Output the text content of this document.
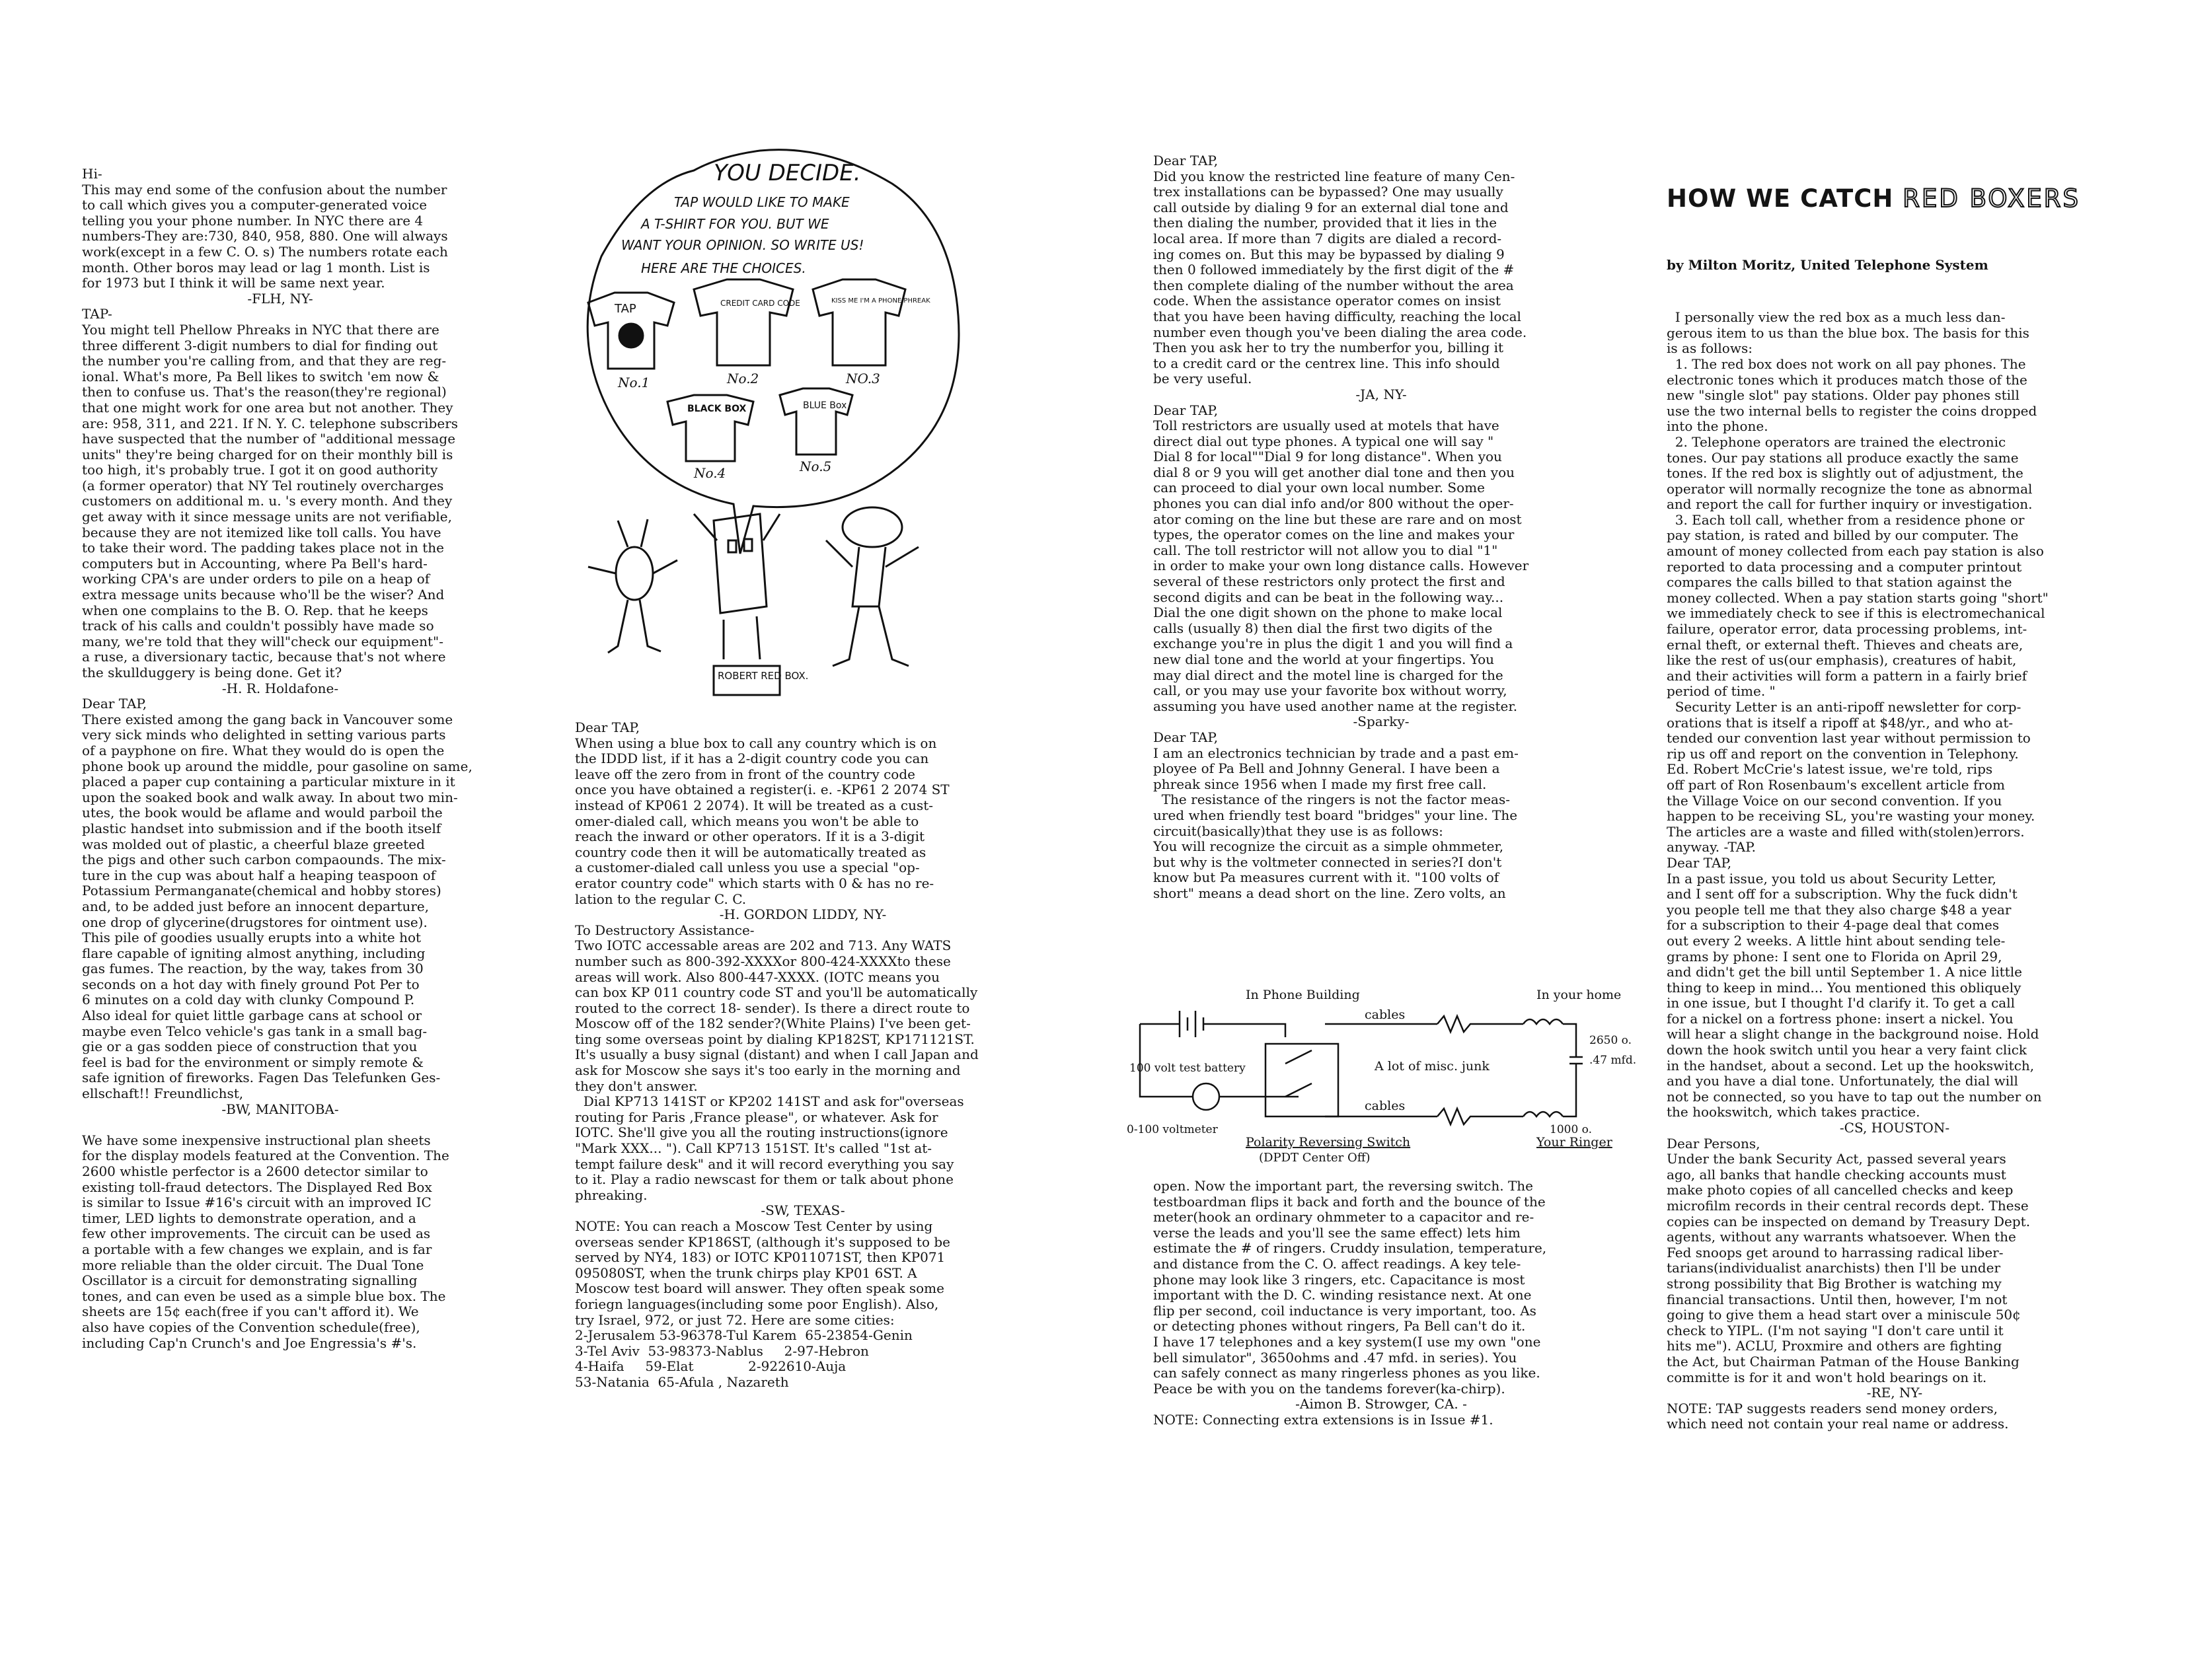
Hi-

This may end some of the confusion about the number

to call which gives you a computer-generated voice

telling you your phone number. In NYC there are 4

numbers-They are:730, 840, 958, 880. One will always

work(except in a few C. O. s) The numbers rotate each

month. Other boros may lead or lag 1 month. List is

for 1973 but I think it will be same next year.

-FLH, NY-

TAP-

You might tell Phellow Phreaks in NYC that there are

three different 3-digit numbers to dial for finding out

the number you're calling from, and that they are reg-

ional. What's more, Pa Bell likes to switch 'em now &

then to confuse us. That's the reason(they're regional)

that one might work for one area but not another. They

are: 958, 311, and 221. If N. Y. C. telephone subscribers

have suspected that the number of "additional message

units" they're being charged for on their monthly bill is

too high, it's probably true. I got it on good authority

(a former operator) that NY Tel routinely overcharges

customers on additional m. u. 's every month. And they

get away with it since message units are not verifiable,

because they are not itemized like toll calls. You have

to take their word. The padding takes place not in the

computers but in Accounting, where Pa Bell's hard-

working CPA's are under orders to pile on a heap of

extra message units because who'll be the wiser? And

when one complains to the B. O. Rep. that he keeps

track of his calls and couldn't possibly have made so

many, we're told that they will"check our equipment"-

a ruse, a diversionary tactic, because that's not where

the skullduggery is being done. Get it?

-H. R. Holdafone-

Dear TAP,

There existed among the gang back in Vancouver some

very sick minds who delighted in setting various parts

of a payphone on fire. What they would do is open the

phone book up around the middle, pour gasoline on same,

placed a paper cup containing a particular mixture in it

upon the soaked book and walk away. In about two min-

utes, the book would be aflame and would parboil the

plastic handset into submission and if the booth itself

was molded out of plastic, a cheerful blaze greeted

the pigs and other such carbon compaounds. The mix-

ture in the cup was about half a heaping teaspoon of

Potassium Permanganate(chemical and hobby stores)

and, to be added just before an innocent departure,

one drop of glycerine(drugstores for ointment use).

This pile of goodies usually erupts into a white hot

flare capable of igniting almost anything, including

gas fumes. The reaction, by the way, takes from 30

seconds on a hot day with finely ground Pot Per to

6 minutes on a cold day with clunky Compound P.

Also ideal for quiet little garbage cans at school or

maybe even Telco vehicle's gas tank in a small bag-

gie or a gas sodden piece of construction that you

feel is bad for the environment or simply remote &

safe ignition of fireworks. Fagen Das Telefunken Ges-

ellschaft!! Freundlichst,

-BW, MANITOBA-

We have some inexpensive instructional plan sheets

for the display models featured at the Convention. The

2600 whistle perfector is a 2600 detector similar to

existing toll-fraud detectors. The Displayed Red Box

is similar to Issue #16's circuit with an improved IC

timer, LED lights to demonstrate operation, and a

few other improvements. The circuit can be used as

a portable with a few changes we explain, and is far

more reliable than the older circuit. The Dual Tone

Oscillator is a circuit for demonstrating signalling

tones, and can even be used as a simple blue box. The

sheets are 15¢ each(free if you can't afford it). We

also have copies of the Convention schedule(free),

including Cap'n Crunch's and Joe Engressia's #'s.

YOU DECIDE.
TAP WOULD LIKE TO MAKE
A T-SHIRT FOR YOU. BUT WE
WANT YOUR OPINION. SO WRITE US!
HERE ARE THE CHOICES.
TAP
No.1
CREDIT CARD CODE
No.2
KISS ME I'M A PHONE PHREAK
NO.3
BLACK BOX
No.4
BLUE Box
No.5
ROBERT RED BOX.

Dear TAP,

When using a blue box to call any country which is on

the IDDD list, if it has a 2-digit country code you can

leave off the zero from in front of the country code

once you have obtained a register(i. e. -KP61 2 2074 ST

instead of KP061 2 2074). It will be treated as a cust-

omer-dialed call, which means you won't be able to

reach the inward or other operators. If it is a 3-digit

country code then it will be automatically treated as

a customer-dialed call unless you use a special "op-

erator country code" which starts with 0 & has no re-

lation to the regular C. C.

-H. GORDON LIDDY, NY-

To Destructory Assistance-

Two IOTC accessable areas are 202 and 713. Any WATS

number such as 800-392-XXXXor 800-424-XXXXto these

areas will work. Also 800-447-XXXX. (IOTC means you

can box KP 011 country code ST and you'll be automatically

routed to the correct 18- sender). Is there a direct route to

Moscow off of the 182 sender?(White Plains) I've been get-

ting some overseas point by dialing KP182ST, KP171121ST.

It's usually a busy signal (distant) and when I call Japan and

ask for Moscow she says it's too early in the morning and

they don't answer.

Dial KP713 141ST or KP202 141ST and ask for"overseas

routing for Paris ,France please", or whatever. Ask for

IOTC. She'll give you all the routing instructions(ignore

"Mark XXX... "). Call KP713 151ST. It's called "1st at-

tempt failure desk" and it will record everything you say

to it. Play a radio newscast for them or talk about phone

phreaking.

-SW, TEXAS-

NOTE: You can reach a Moscow Test Center by using

overseas sender KP186ST, (although it's supposed to be

served by NY4, 183) or IOTC KP011071ST, then KP071

095080ST, when the trunk chirps play KP01 6ST. A

Moscow test board will answer. They often speak some

foriegn languages(including some poor English). Also,

try Israel, 972, or just 72. Here are some cities:

2-Jerusalem 53-96378-Tul Karem  65-23854-Genin

3-Tel Aviv  53-98373-Nablus     2-97-Hebron

4-Haifa     59-Elat             2-922610-Auja

53-Natania  65-Afula , Nazareth

Dear TAP,

Did you know the restricted line feature of many Cen-

trex installations can be bypassed? One may usually

call outside by dialing 9 for an external dial tone and

then dialing the number, provided that it lies in the

local area. If more than 7 digits are dialed a record-

ing comes on. But this may be bypassed by dialing 9

then 0 followed immediately by the first digit of the #

then complete dialing of the number without the area

code. When the assistance operator comes on insist

that you have been having difficulty, reaching the local

number even though you've been dialing the area code.

Then you ask her to try the numberfor you, billing it

to a credit card or the centrex line. This info should

be very useful.

-JA, NY-

Dear TAP,

Toll restrictors are usually used at motels that have

direct dial out type phones. A typical one will say "

Dial 8 for local""Dial 9 for long distance". When you

dial 8 or 9 you will get another dial tone and then you

can proceed to dial your own local number. Some

phones you can dial info and/or 800 without the oper-

ator coming on the line but these are rare and on most

types, the operator comes on the line and makes your

call. The toll restrictor will not allow you to dial "1"

in order to make your own long distance calls. However

several of these restrictors only protect the first and

second digits and can be beat in the following way...

Dial the one digit shown on the phone to make local

calls (usually 8) then dial the first two digits of the

exchange you're in plus the digit 1 and you will find a

new dial tone and the world at your fingertips. You

may dial direct and the motel line is charged for the

call, or you may use your favorite box without worry,

assuming you have used another name at the register.

-Sparky-

Dear TAP,

I am an electronics technician by trade and a past em-

ployee of Pa Bell and Johnny General. I have been a

phreak since 1956 when I made my first free call.

The resistance of the ringers is not the factor meas-

ured when friendly test board "bridges" your line. The

circuit(basically)that they use is as follows:

You will recognize the circuit as a simple ohmmeter,

but why is the voltmeter connected in series?I don't

know but Pa measures current with it. "100 volts of

short" means a dead short on the line. Zero volts, an

In Phone Building	In your home
cables
cables
100 volt test battery	A lot of misc. junk
2650 o.
.47 mfd.
1000 o.
0-100 voltmeter
Polarity Reversing Switch
(DPDT Center Off)
Your Ringer

open. Now the important part, the reversing switch. The

testboardman flips it back and forth and the bounce of the

meter(hook an ordinary ohmmeter to a capacitor and re-

verse the leads and you'll see the same effect) lets him

estimate the # of ringers. Cruddy insulation, temperature,

and distance from the C. O. affect readings. A key tele-

phone may look like 3 ringers, etc. Capacitance is most

important with the D. C. winding resistance next. At one

flip per second, coil inductance is very important, too. As

or detecting phones without ringers, Pa Bell can't do it.

I have 17 telephones and a key system(I use my own "one

bell simulator", 3650ohms and .47 mfd. in series). You

can safely connect as many ringerless phones as you like.

Peace be with you on the tandems forever(ka-chirp).

-Aimon B. Strowger, CA. -

NOTE: Connecting extra extensions is in Issue #1.

HOW WE CATCH RED BOXERS

by Milton Moritz, United Telephone System

I personally view the red box as a much less dan-

gerous item to us than the blue box. The basis for this

is as follows:

1. The red box does not work on all pay phones. The

electronic tones which it produces match those of the

new "single slot" pay stations. Older pay phones still

use the two internal bells to register the coins dropped

into the phone.

2. Telephone operators are trained the electronic

tones. Our pay stations all produce exactly the same

tones. If the red box is slightly out of adjustment, the

operator will normally recognize the tone as abnormal

and report the call for further inquiry or investigation.

3. Each toll call, whether from a residence phone or

pay station, is rated and billed by our computer. The

amount of money collected from each pay station is also

reported to data processing and a computer printout

compares the calls billed to that station against the

money collected. When a pay station starts going "short"

we immediately check to see if this is electromechanical

failure, operator error, data processing problems, int-

ernal theft, or external theft. Thieves and cheats are,

like the rest of us(our emphasis), creatures of habit,

and their activities will form a pattern in a fairly brief

period of time. "

Security Letter is an anti-ripoff newsletter for corp-

orations that is itself a ripoff at $48/yr., and who at-

tended our convention last year without permission to

rip us off and report on the convention in Telephony.

Ed. Robert McCrie's latest issue, we're told, rips

off part of Ron Rosenbaum's excellent article from

the Village Voice on our second convention. If you

happen to be receiving SL, you're wasting your money.

The articles are a waste and filled with(stolen)errors.

anyway. -TAP.

Dear TAP,

In a past issue, you told us about Security Letter,

and I sent off for a subscription. Why the fuck didn't

you people tell me that they also charge $48 a year

for a subscription to their 4-page deal that comes

out every 2 weeks. A little hint about sending tele-

grams by phone: I sent one to Florida on April 29,

and didn't get the bill until September 1. A nice little

thing to keep in mind... You mentioned this obliquely

in one issue, but I thought I'd clarify it. To get a call

for a nickel on a fortress phone: insert a nickel. You

will hear a slight change in the background noise. Hold

down the hook switch until you hear a very faint click

in the handset, about a second. Let up the hookswitch,

and you have a dial tone. Unfortunately, the dial will

not be connected, so you have to tap out the number on

the hookswitch, which takes practice.

-CS, HOUSTON-

Dear Persons,

Under the bank Security Act, passed several years

ago, all banks that handle checking accounts must

make photo copies of all cancelled checks and keep

microfilm records in their central records dept. These

copies can be inspected on demand by Treasury Dept.

agents, without any warrants whatsoever. When the

Fed snoops get around to harrassing radical liber-

tarians(individualist anarchists) then I'll be under

strong possibility that Big Brother is watching my

financial transactions. Until then, however, I'm not

going to give them a head start over a miniscule 50¢

check to YIPL. (I'm not saying "I don't care until it

hits me"). ACLU, Proxmire and others are fighting

the Act, but Chairman Patman of the House Banking

committe is for it and won't hold bearings on it.

-RE, NY-

NOTE: TAP suggests readers send money orders,

which need not contain your real name or address.
